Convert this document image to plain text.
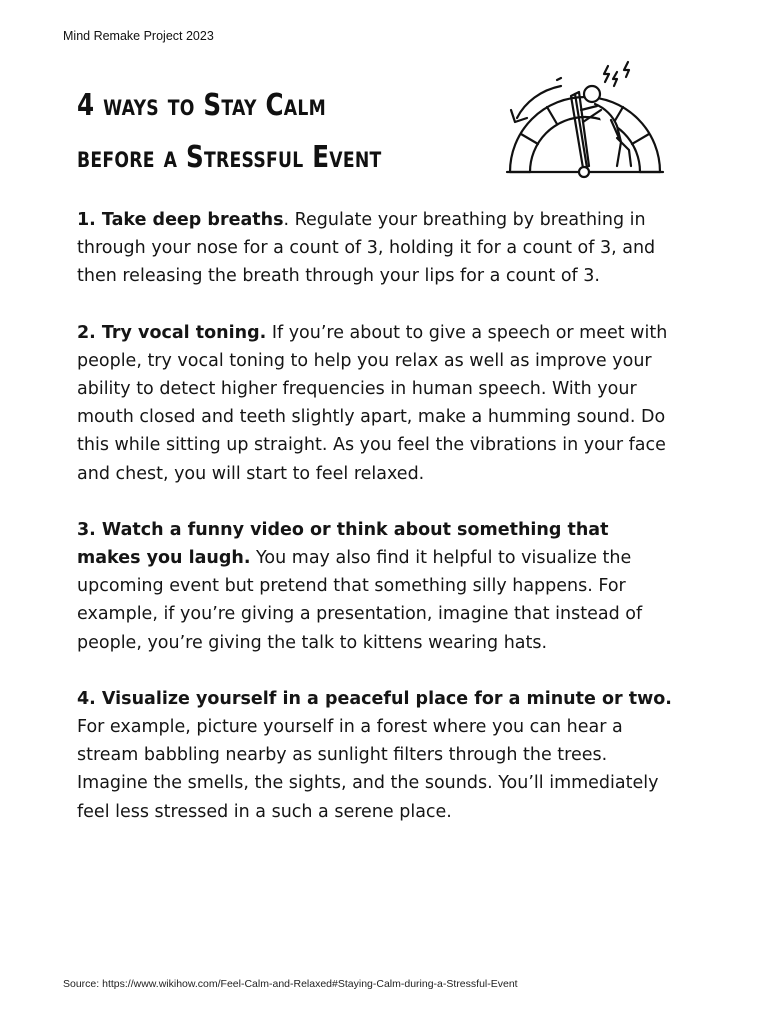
Mind Remake Project 2023
4 ways to Stay Calm
before a Stressful Event

1. Take deep breaths. Regulate your breathing by breathing in through your nose for a count of 3, holding it for a count of 3, and then releasing the breath through your lips for a count of 3.

2. Try vocal toning. If you’re about to give a speech or meet with people, try vocal toning to help you relax as well as improve your ability to detect higher frequencies in human speech. With your mouth closed and teeth slightly apart, make a humming sound. Do this while sitting up straight. As you feel the vibrations in your face and chest, you will start to feel relaxed.

3. Watch a funny video or think about something that makes you laugh. You may also find it helpful to visualize the upcoming event but pretend that something silly happens. For example, if you’re giving a presentation, imagine that instead of people, you’re giving the talk to kittens wearing hats.

4. Visualize yourself in a peaceful place for a minute or two. For example, picture yourself in a forest where you can hear a stream babbling nearby as sunlight filters through the trees. Imagine the smells, the sights, and the sounds. You’ll immediately feel less stressed in a such a serene place.

Source: https://www.wikihow.com/Feel-Calm-and-Relaxed#Staying-Calm-during-a-Stressful-Event
